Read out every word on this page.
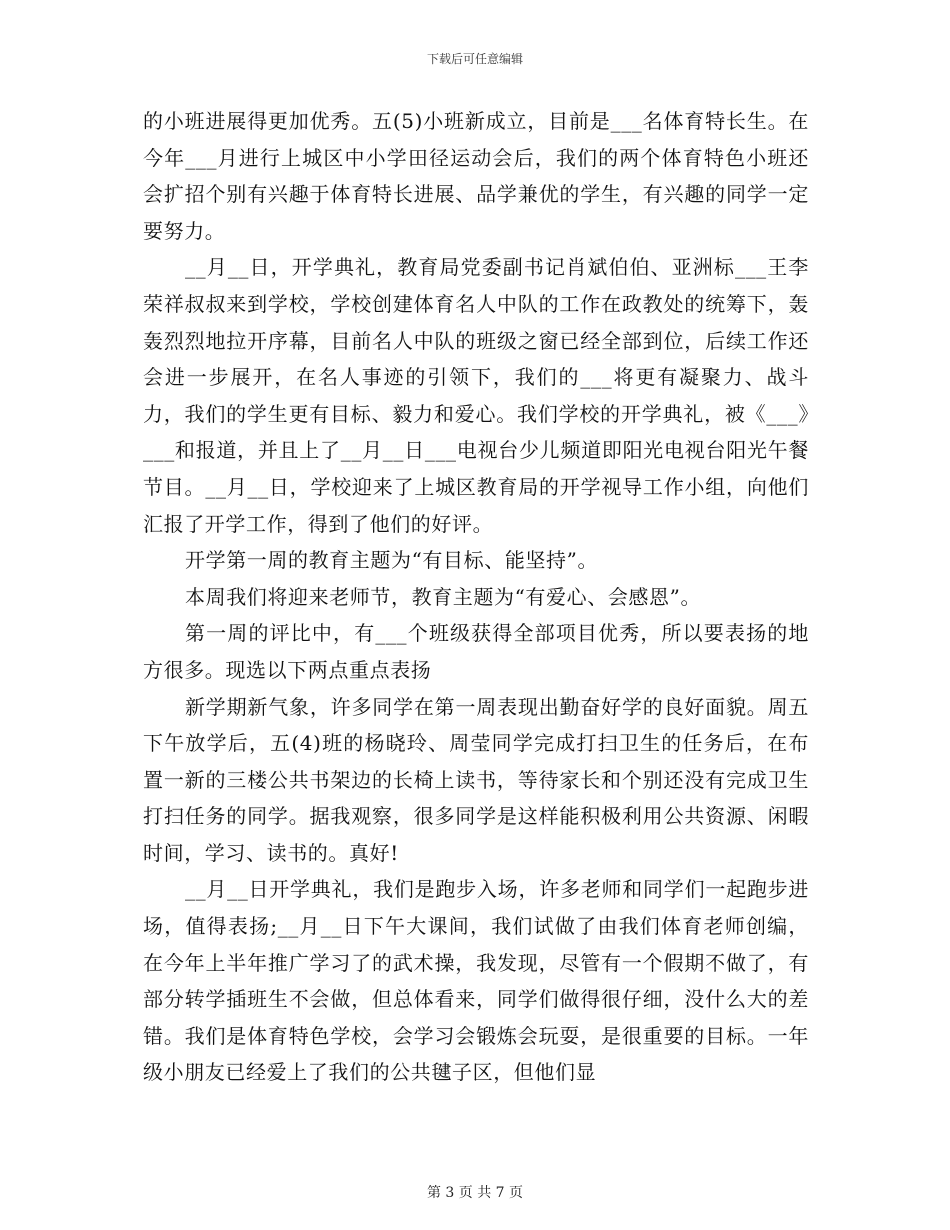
下载后可任意编辑

的小班进展得更加优秀。五(5)小班新成立，目前是___名体育特长生。在今年___月进行上城区中小学田径运动会后，我们的两个体育特色小班还会扩招个别有兴趣于体育特长进展、品学兼优的学生，有兴趣的同学一定要努力。

__月__日，开学典礼，教育局党委副书记肖斌伯伯、亚洲标___王李荣祥叔叔来到学校，学校创建体育名人中队的工作在政教处的统筹下，轰轰烈烈地拉开序幕，目前名人中队的班级之窗已经全部到位，后续工作还会进一步展开，在名人事迹的引领下，我们的___将更有凝聚力、战斗力，我们的学生更有目标、毅力和爱心。我们学校的开学典礼，被《___》___和报道，并且上了__月__日___电视台少儿频道即阳光电视台阳光午餐节目。__月__日，学校迎来了上城区教育局的开学视导工作小组，向他们汇报了开学工作，得到了他们的好评。

开学第一周的教育主题为“有目标、能坚持”。

本周我们将迎来老师节，教育主题为“有爱心、会感恩”。

第一周的评比中，有___个班级获得全部项目优秀，所以要表扬的地方很多。现选以下两点重点表扬

新学期新气象，许多同学在第一周表现出勤奋好学的良好面貌。周五下午放学后，五(4)班的杨晓玲、周莹同学完成打扫卫生的任务后，在布置一新的三楼公共书架边的长椅上读书，等待家长和个别还没有完成卫生打扫任务的同学。据我观察，很多同学是这样能积极利用公共资源、闲暇时间，学习、读书的。真好!

__月__日开学典礼，我们是跑步入场，许多老师和同学们一起跑步进场，值得表扬;__月__日下午大课间，我们试做了由我们体育老师创编，在今年上半年推广学习了的武术操，我发现，尽管有一个假期不做了，有部分转学插班生不会做，但总体看来，同学们做得很仔细，没什么大的差错。我们是体育特色学校，会学习会锻炼会玩耍，是很重要的目标。一年级小朋友已经爱上了我们的公共毽子区，但他们显

第 3 页 共 7 页
